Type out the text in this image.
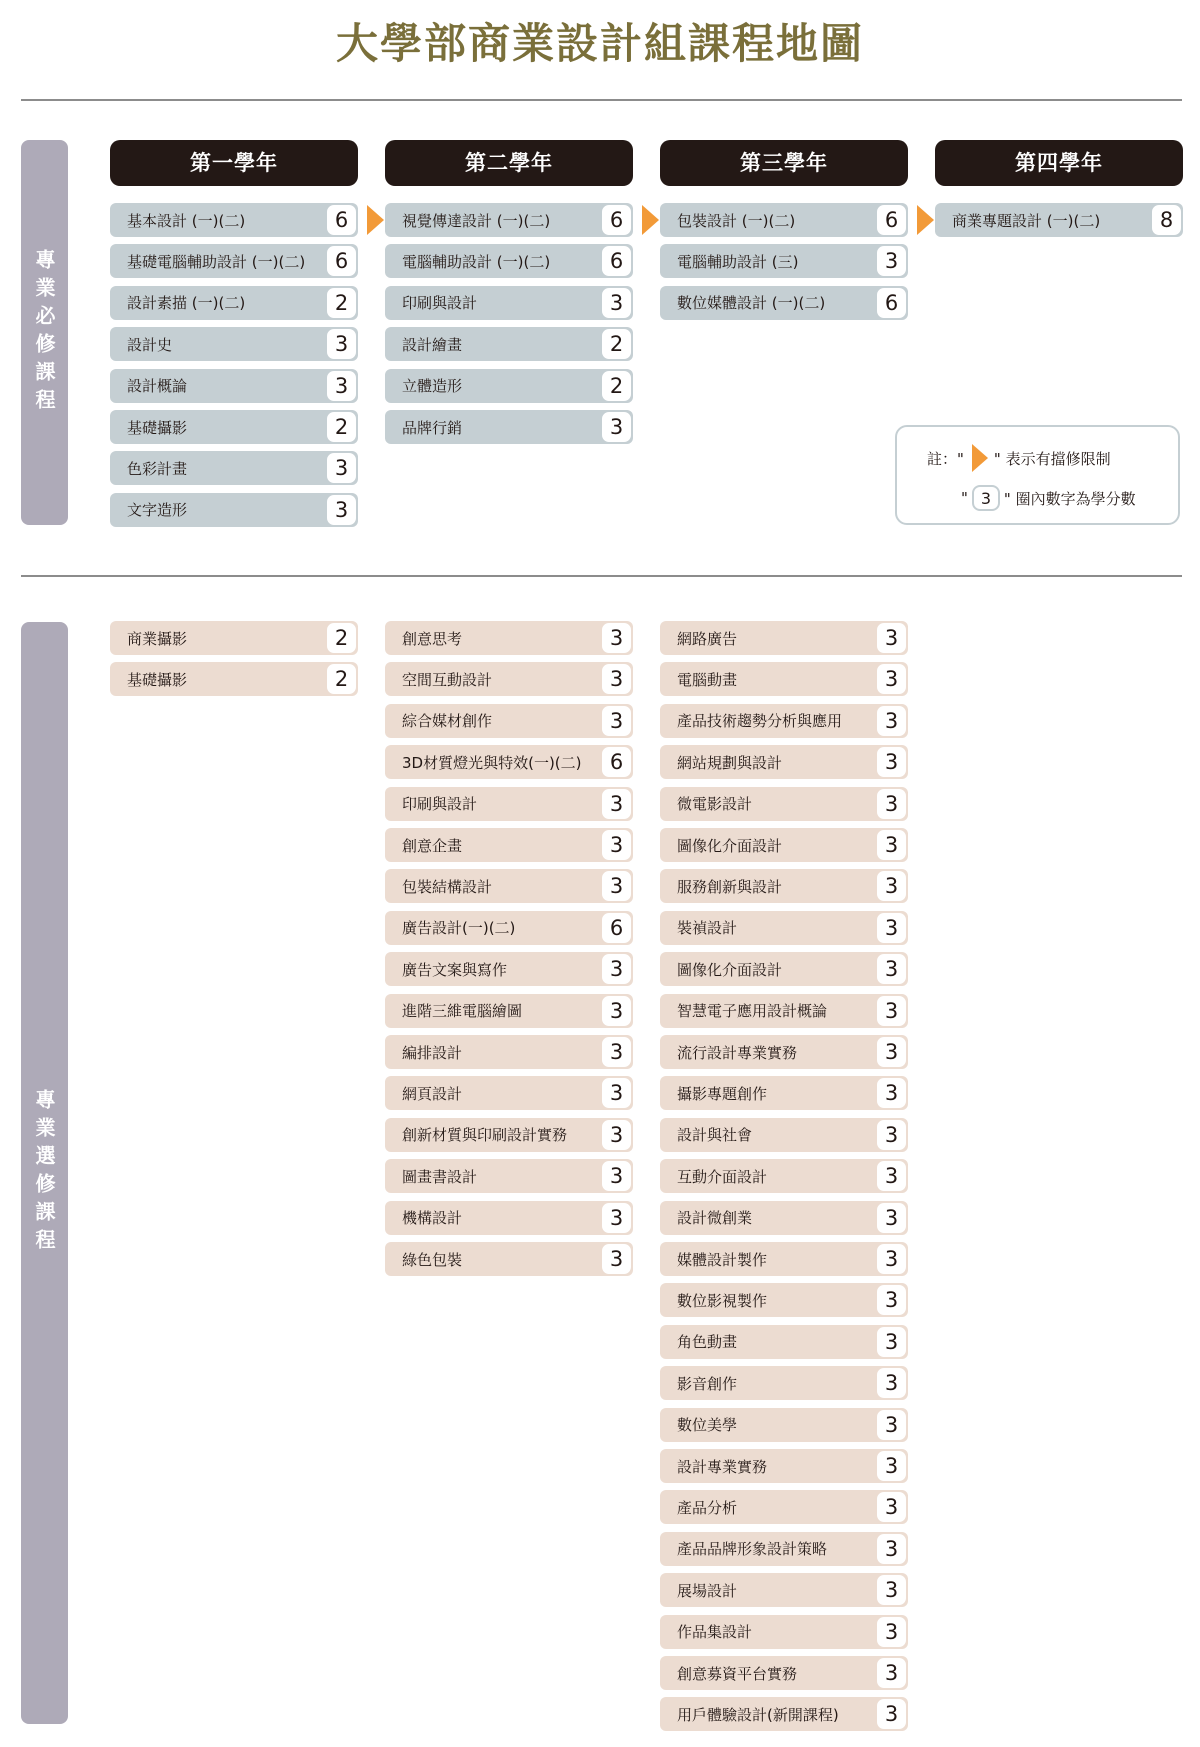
大學部商業設計組課程地圖
專業必修課程
專業選修課程
第一學年	第二學年	第三學年	第四學年
基本設計 (一)(二)	6
基礎電腦輔助設計 (一)(二)	6
設計素描 (一)(二)	2
設計史	3
設計概論	3
基礎攝影	2
色彩計畫	3
文字造形	3
視覺傳達設計 (一)(二)	6
電腦輔助設計 (一)(二)	6
印刷與設計	3
設計繪畫	2
立體造形	2
品牌行銷	3
包裝設計 (一)(二)	6
電腦輔助設計 (三)	3
數位媒體設計 (一)(二)	6
商業專題設計 (一)(二)	8
商業攝影	2
基礎攝影	2
創意思考	3
空間互動設計	3
綜合媒材創作	3
3D材質燈光與特效(一)(二)	6
印刷與設計	3
創意企畫	3
包裝結構設計	3
廣告設計(一)(二)	6
廣告文案與寫作	3
進階三維電腦繪圖	3
編排設計	3
網頁設計	3
創新材質與印刷設計實務	3
圖畫書設計	3
機構設計	3
綠色包裝	3
網路廣告	3
電腦動畫	3
產品技術趨勢分析與應用	3
網站規劃與設計	3
微電影設計	3
圖像化介面設計	3
服務創新與設計	3
裝禎設計	3
圖像化介面設計	3
智慧電子應用設計概論	3
流行設計專業實務	3
攝影專題創作	3
設計與社會	3
互動介面設計	3
設計微創業	3
媒體設計製作	3
數位影視製作	3
角色動畫	3
影音創作	3
數位美學	3
設計專業實務	3
產品分析	3
產品品牌形象設計策略	3
展場設計	3
作品集設計	3
創意募資平台實務	3
用戶體驗設計(新開課程)	3
註：" " 表示有擋修限制
" 3 " 圈內數字為學分數
